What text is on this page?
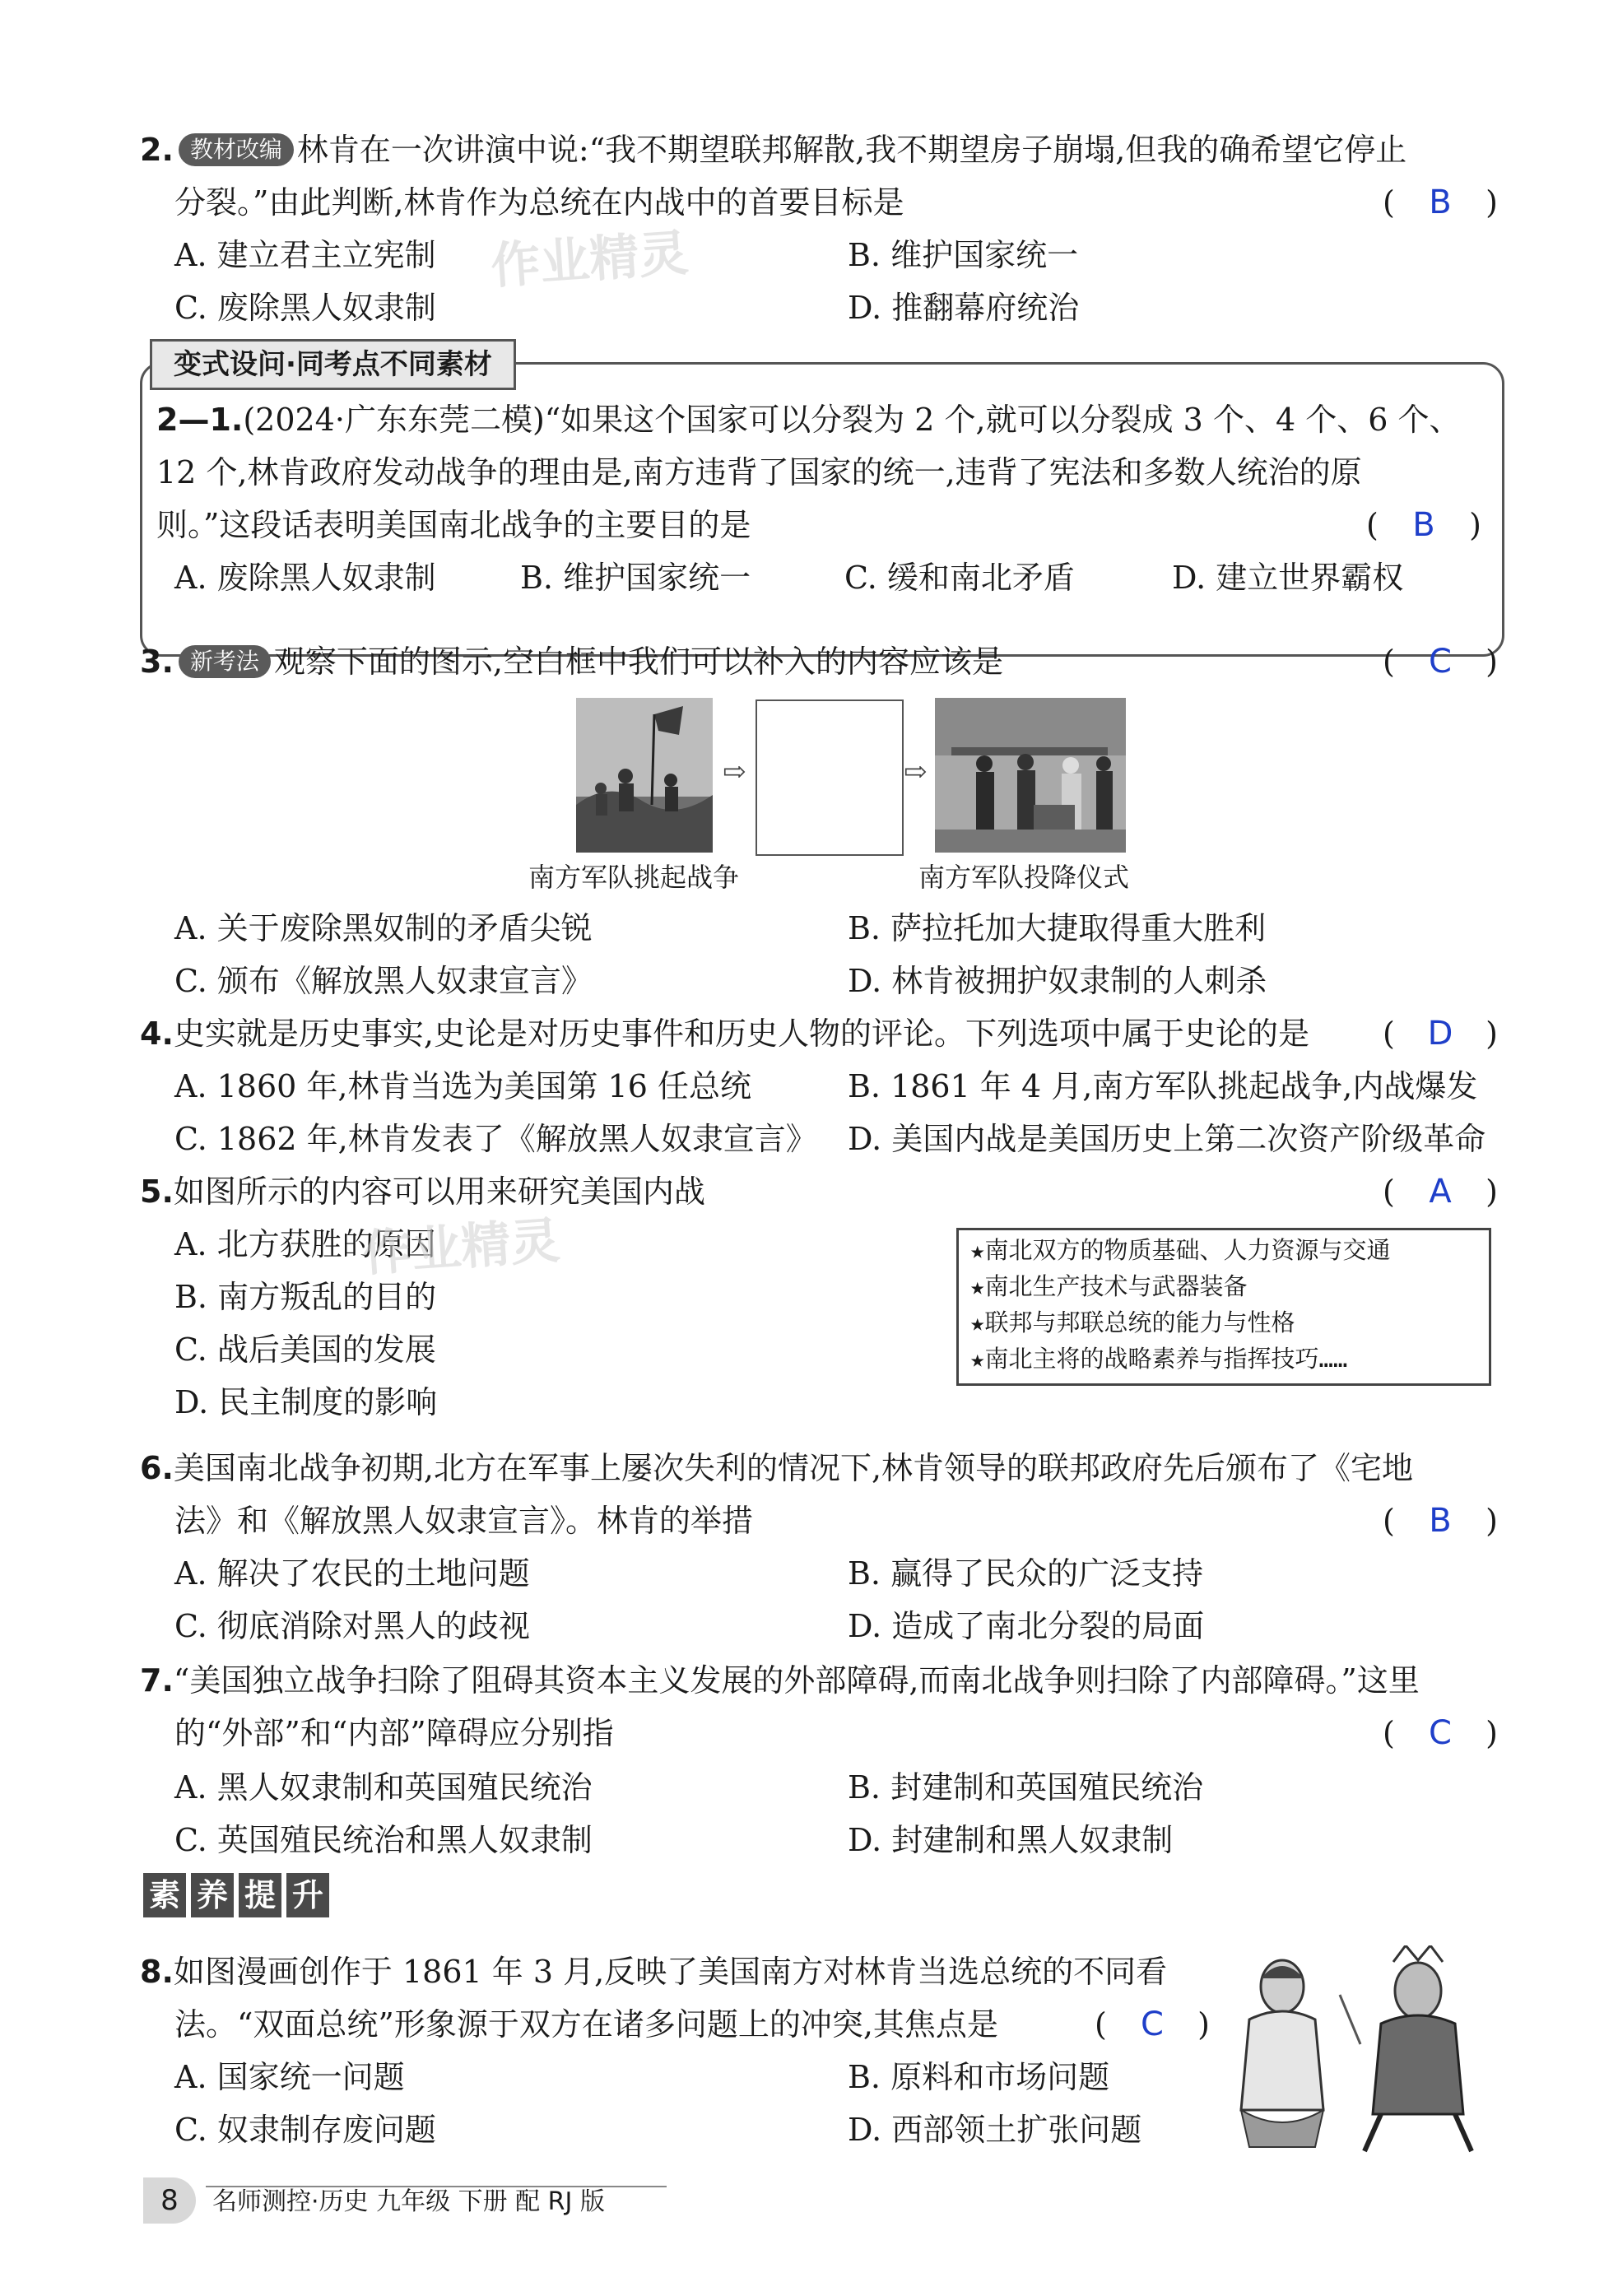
2. 教材改编 林肯在一次讲演中说:“我不期望联邦解散,我不期望房子崩塌,但我的确希望它停止
分裂。”由此判断,林肯作为总统在内战中的首要目标是	(	B	)
A. 建立君主立宪制	B. 维护国家统一
C. 废除黑人奴隶制	D. 推翻幕府统治
作业精灵
变式设问·同考点不同素材
2—1.(2024·广东东莞二模)“如果这个国家可以分裂为 2 个,就可以分裂成 3 个、4 个、6 个、
12 个,林肯政府发动战争的理由是,南方违背了国家的统一,违背了宪法和多数人统治的原
则。”这段话表明美国南北战争的主要目的是	(	B	)
A. 废除黑人奴隶制	B. 维护国家统一	C. 缓和南北矛盾	D. 建立世界霸权
3. 新考法 观察下面的图示,空白框中我们可以补入的内容应该是	(	C	)
⇨	⇨
南方军队挑起战争	南方军队投降仪式
A. 关于废除黑奴制的矛盾尖锐	B. 萨拉托加大捷取得重大胜利
C. 颁布《解放黑人奴隶宣言》	D. 林肯被拥护奴隶制的人刺杀
4.史实就是历史事实,史论是对历史事件和历史人物的评论。下列选项中属于史论的是 ( D	)
A. 1860 年,林肯当选为美国第 16 任总统	B. 1861 年 4 月,南方军队挑起战争,内战爆发
C. 1862 年,林肯发表了《解放黑人奴隶宣言》 D. 美国内战是美国历史上第二次资产阶级革命
5.如图所示的内容可以用来研究美国内战	(	A	)
A. 北方获胜的原因
B. 南方叛乱的目的
C. 战后美国的发展
D. 民主制度的影响
作业精灵	★南北双方的物质基础、人力资源与交通
★南北生产技术与武器装备
★联邦与邦联总统的能力与性格
★南北主将的战略素养与指挥技巧……
6.美国南北战争初期,北方在军事上屡次失利的情况下,林肯领导的联邦政府先后颁布了《宅地
法》和《解放黑人奴隶宣言》。林肯的举措	(	B	)
A. 解决了农民的土地问题	B. 赢得了民众的广泛支持
C. 彻底消除对黑人的歧视	D. 造成了南北分裂的局面
7.“美国独立战争扫除了阻碍其资本主义发展的外部障碍,而南北战争则扫除了内部障碍。”这里
的“外部”和“内部”障碍应分别指	(	C	)
A. 黑人奴隶制和英国殖民统治	B. 封建制和英国殖民统治
C. 英国殖民统治和黑人奴隶制	D. 封建制和黑人奴隶制
素 养 提 升
8.如图漫画创作于 1861 年 3 月,反映了美国南方对林肯当选总统的不同看
法。“双面总统”形象源于双方在诸多问题上的冲突,其焦点是	(	C	)
A. 国家统一问题	B. 原料和市场问题
C. 奴隶制存废问题	D. 西部领土扩张问题
8	名师测控·历史 九年级 下册 配 RJ 版
